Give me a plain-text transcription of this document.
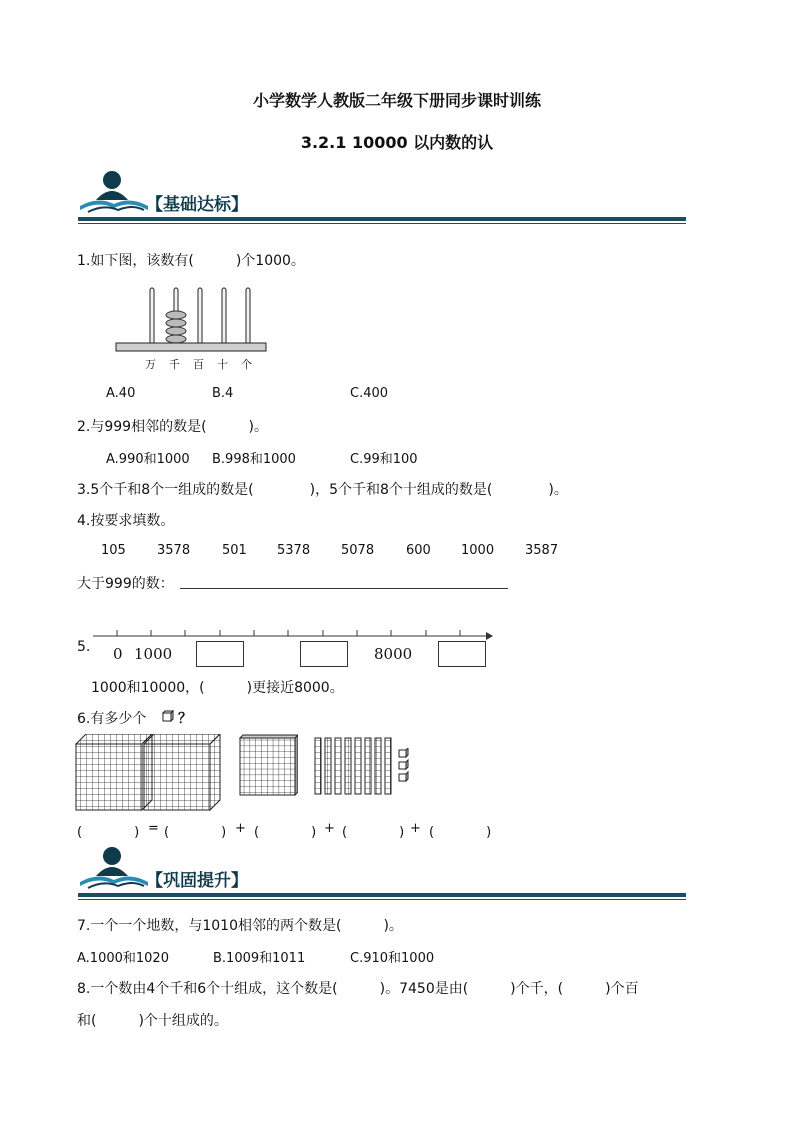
小学数学人教版二年级下册同步课时训练
3.2.1 10000 以内数的认
【基础达标】
1.如下图，该数有(　　　)个1000。
万 千 百 十 个
A.40	B.4	C.400
2.与999相邻的数是(　　　)。
A.990和1000 B.998和1000	C.99和100
3.5个千和8个一组成的数是(　　　　)，5个千和8个十组成的数是(　　　　)。
4.按要求填数。
105 3578 501 5378 5078 600 1000 3587
大于999的数：
5. 0 1000	8000
1000和10000，(　　　)更接近8000。
6.有多少个 ？
(　　　　) = (　　　　) + (　　　　) + (　　　　) + (　　　　)
【巩固提升】
7.一个一个地数，与1010相邻的两个数是(　　　)。
A.1000和1020	B.1009和1011	C.910和1000
8.一个数由4个千和6个十组成，这个数是(　　　)。7450是由(　　　)个千，(　　　)个百
和(　　　)个十组成的。
